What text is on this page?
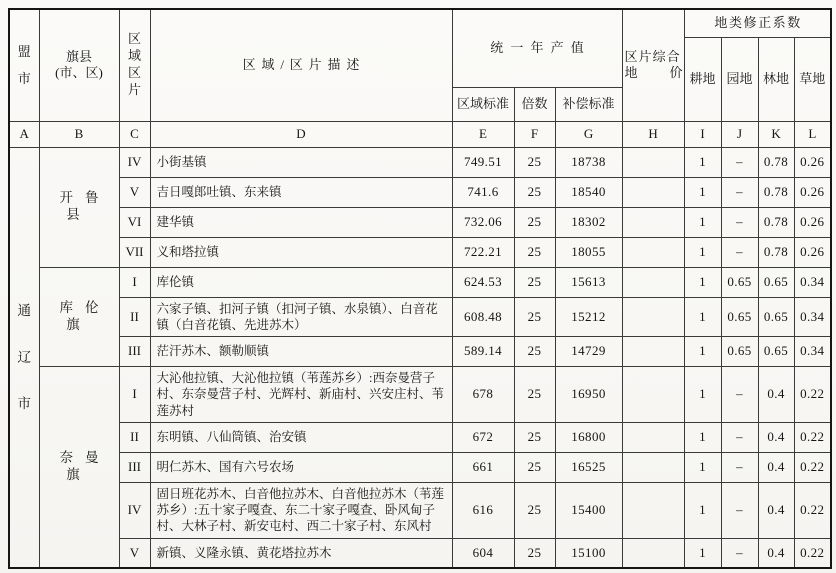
盟
市

旗县
(市、区)

区
域
区
片
	区域/区片描述	统一年产值	
区片综合
地价
	地类修正系数
								耕地	园地	林地	草地
				区域标准	倍数	补偿标准					
A	B	C	D	E	F	G	H	I	J	K	L

通
辽
市	开鲁县	IV	小街基镇	749.51	25	18738		1	–	0.78	0.26
		V	吉日嘎郎吐镇、东来镇	741.6	25	18540		1	–	0.78	0.26
		VI	建华镇	732.06	25	18302		1	–	0.78	0.26
		VII	义和塔拉镇	722.21	25	18055		1	–	0.78	0.26
	库伦旗	I	库伦镇	624.53	25	15613		1	0.65	0.65	0.34
		II	六家子镇、扣河子镇（扣河子镇、水泉镇）、白音花镇（白音花镇、先进苏木）	608.48	25	15212		1	0.65	0.65	0.34
		III	茫汗苏木、额勒顺镇	589.14	25	14729		1	0.65	0.65	0.34
	奈曼旗	I	大沁他拉镇、大沁他拉镇（苇莲苏乡）:西奈曼营子村、东奈曼营子村、光辉村、新庙村、兴安庄村、苇莲苏村	678	25	16950		1	–	0.4	0.22
		II	东明镇、八仙筒镇、治安镇	672	25	16800		1	–	0.4	0.22
		III	明仁苏木、国有六号农场	661	25	16525		1	–	0.4	0.22
		IV	固日班花苏木、白音他拉苏木、白音他拉苏木（苇莲苏乡）:五十家子嘎查、东二十家子嘎查、卧风甸子村、大林子村、新安屯村、西二十家子村、东风村	616	25	15400		1	–	0.4	0.22
		V	新镇、义隆永镇、黄花塔拉苏木	604	25	15100		1	–	0.4	0.22
